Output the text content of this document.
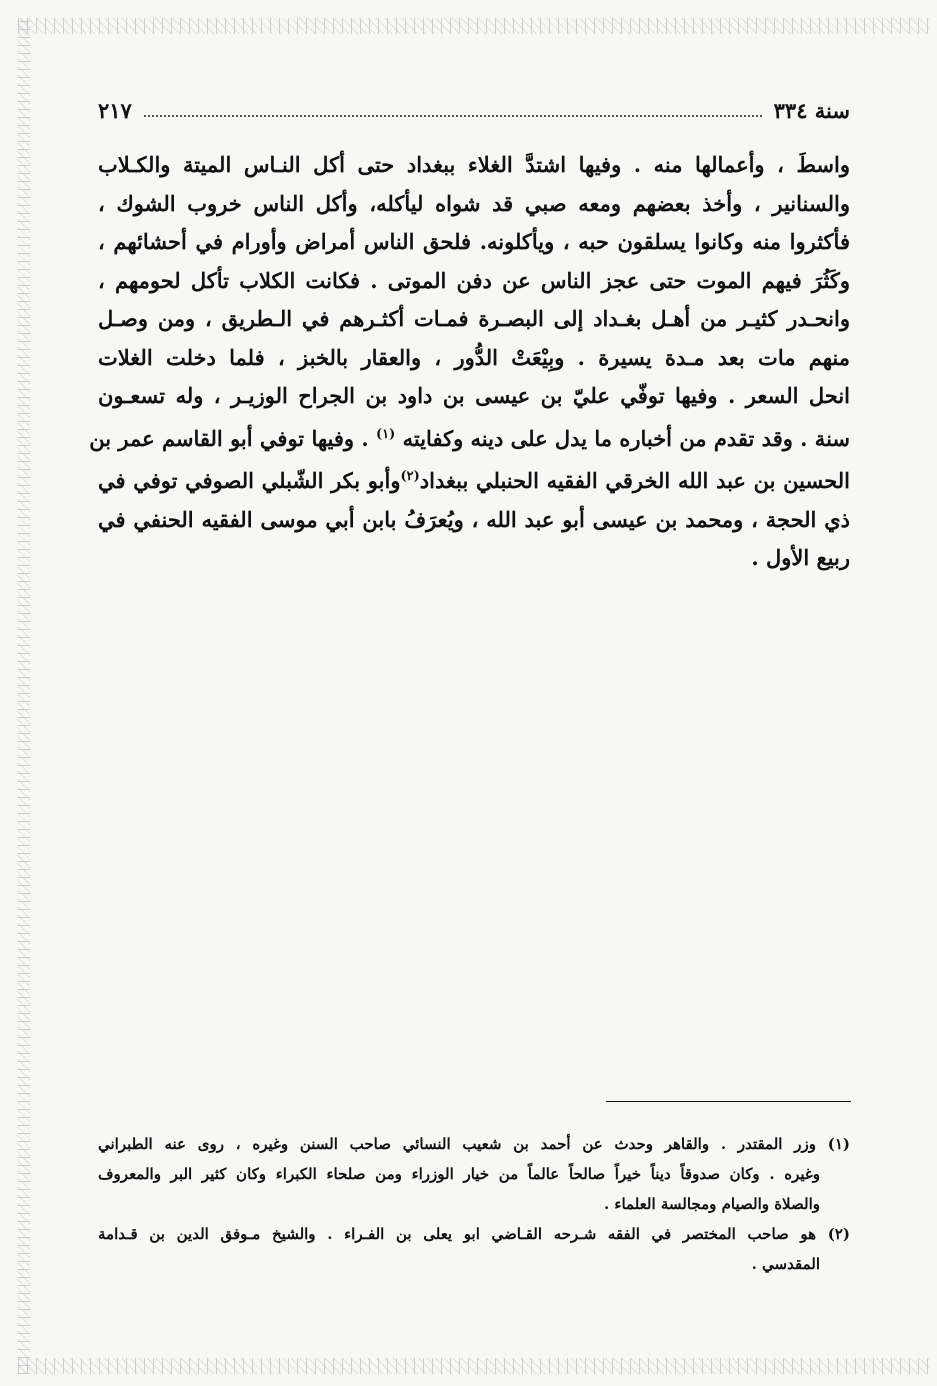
سنة ٣٣٤
٢١٧
واسطَ ، وأعمالها منه . وفيها اشتدَّ الغلاء ببغداد حتى أكل النـاس الميتة والكـلاب
والسنانير ، وأخذ بعضهم ومعه صبي قد شواه ليأكله، وأكل الناس خروب الشوك ،
فأكثروا منه وكانوا يسلقون حبه ، ويأكلونه. فلحق الناس أمراض وأورام في أحشائهم ،
وكَثُرَ فيهم الموت حتى عجز الناس عن دفن الموتى . فكانت الكلاب تأكل لحومهم ،
وانحـدر كثيـر من أهـل بغـداد إلى البصـرة فمـات أكثـرهم في الـطريق ، ومن وصـل
منهم مات بعد مـدة يسيرة . وبِيْعَتْ الدُّور ، والعقار بالخبز ، فلما دخلت الغلات
انحل السعر . وفيها توفّي عليّ بن عيسى بن داود بن الجراح الوزيـر ، وله تسعـون
سنة . وقد تقدم من أخباره ما يدل على دينه وكفايته $^{(١)}$ . وفيها توفي أبو القاسم عمر بن
الحسين بن عبد الله الخرقي الفقيه الحنبلي ببغداد$^{(٢)}$وأبو بكر الشّبلي الصوفي توفي في
ذي الحجة ، ومحمد بن عيسى أبو عبد الله ، ويُعرَفُ بابن أبي موسى الفقيه الحنفي في
ربيع الأول .
(١) وزر المقتدر . والقاهر وحدث عن أحمد بن شعيب النسائي صاحب السنن وغيره ، روى عنه الطبراني
وغيره . وكان صدوقاً ديناً خيراً صالحاً عالماً من خيار الوزراء ومن صلحاء الكبراء وكان كثير البر والمعروف
والصلاة والصيام ومجالسة العلماء .
(٢) هو صاحب المختصر في الفقه شـرحه القـاضي ابو يعلى بن الفـراء . والشيخ مـوفق الدين بن قـدامة
المقدسي .
